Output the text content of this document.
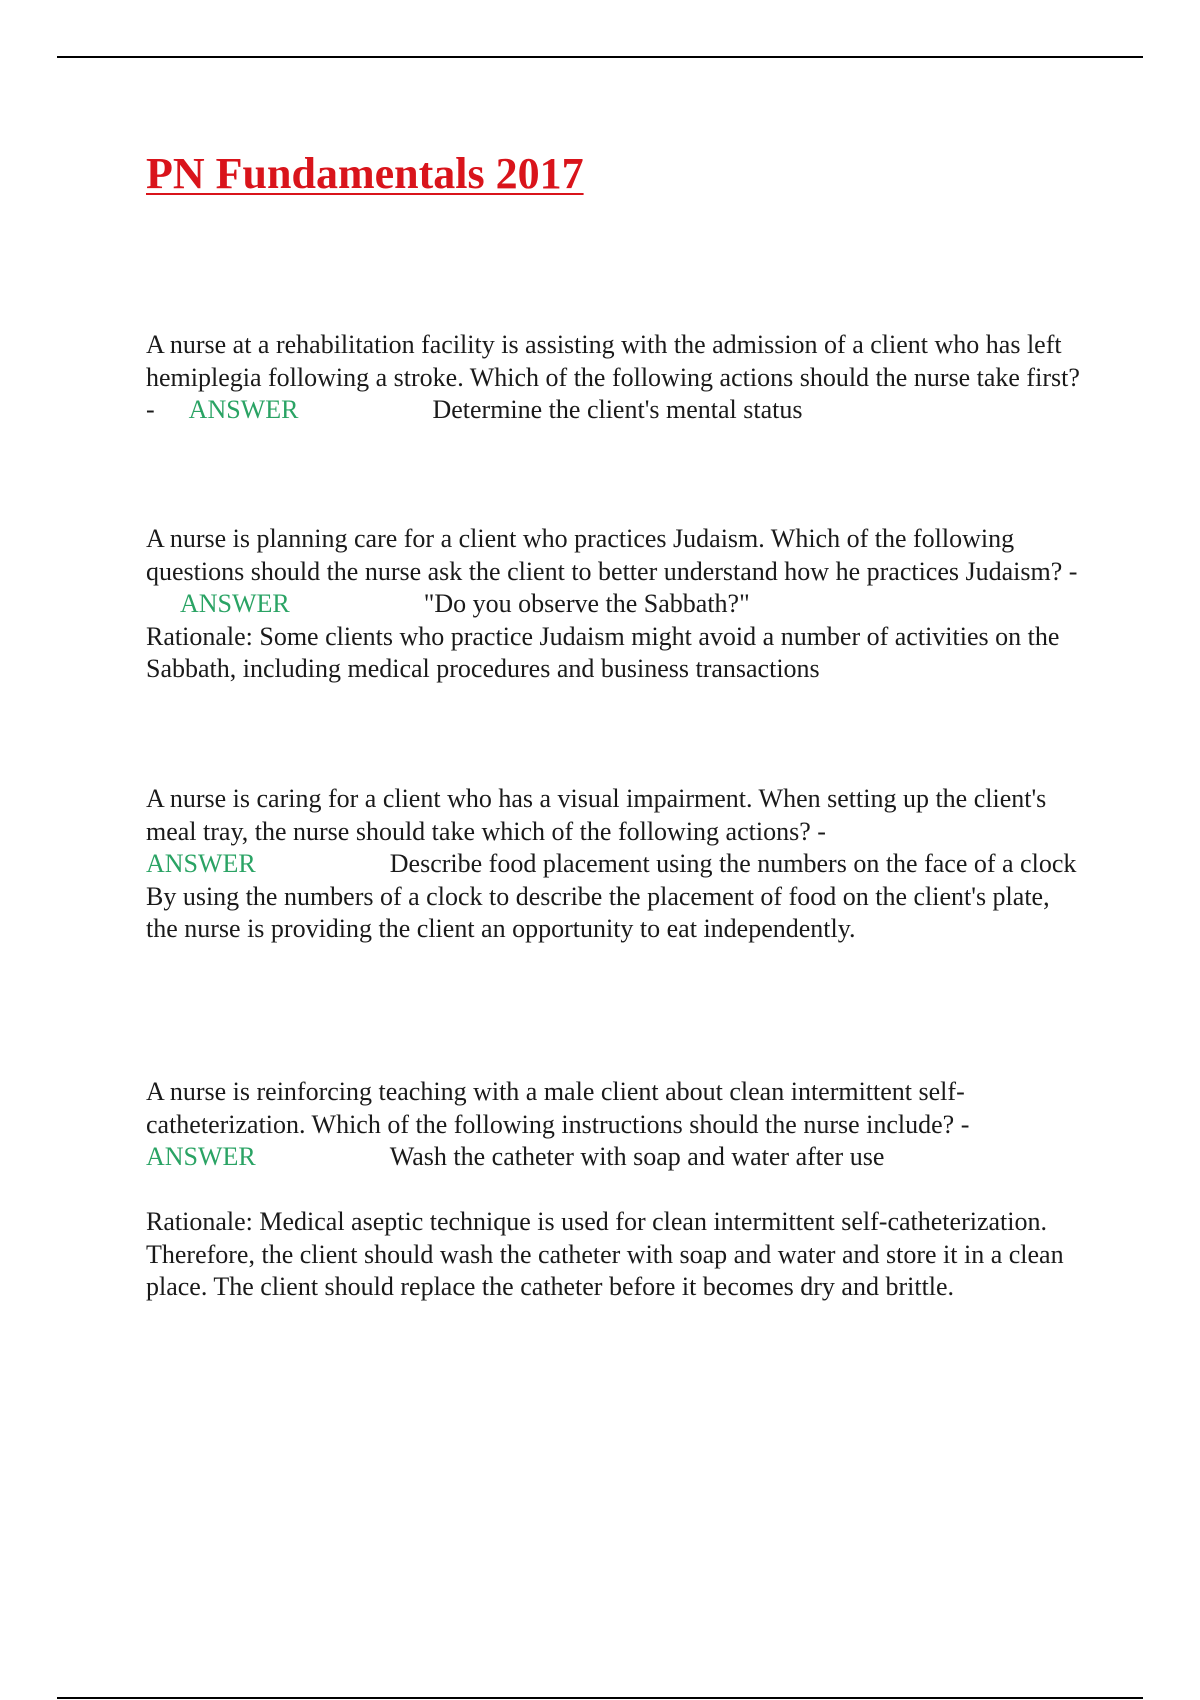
PN Fundamentals 2017

A nurse at a rehabilitation facility is assisting with the admission of a client who has left hemiplegia following a stroke. Which of the following actions should the nurse take first? - ANSWER	Determine the client's mental status

A nurse is planning care for a client who practices Judaism. Which of the following questions should the nurse ask the client to better understand how he practices Judaism? -ANSWER	"Do you observe the Sabbath?"

Rationale: Some clients who practice Judaism might avoid a number of activities on the Sabbath, including medical procedures and business transactions

A nurse is caring for a client who has a visual impairment. When setting up the client's meal tray, the nurse should take which of the following actions? -
ANSWER	Describe food placement using the numbers on the face of a clock

By using the numbers of a clock to describe the placement of food on the client's plate, the nurse is providing the client an opportunity to eat independently.

A nurse is reinforcing teaching with a male client about clean intermittent self-catheterization. Which of the following instructions should the nurse include? -
ANSWER	Wash the catheter with soap and water after use

Rationale: Medical aseptic technique is used for clean intermittent self-catheterization. Therefore, the client should wash the catheter with soap and water and store it in a clean place. The client should replace the catheter before it becomes dry and brittle.
